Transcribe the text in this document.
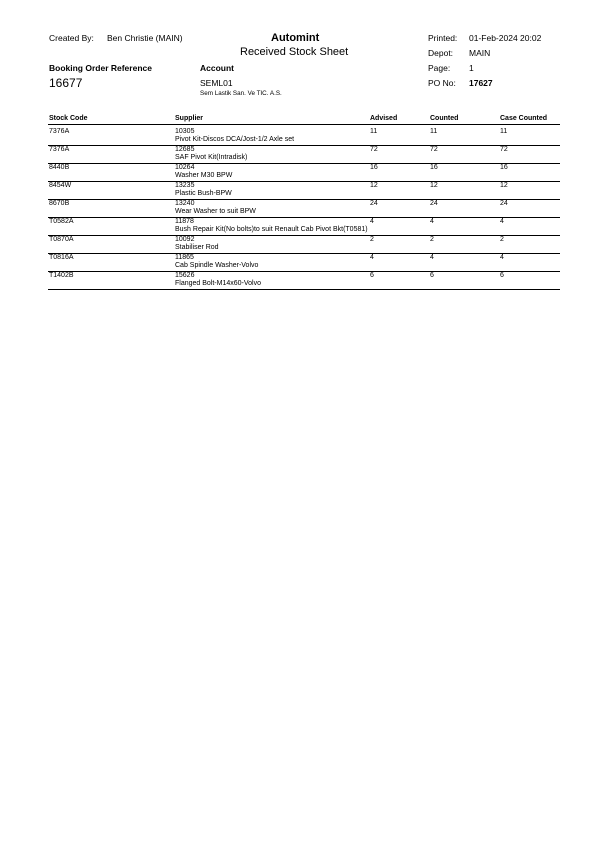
Created By: Ben Christie (MAIN)	Automint
Received Stock Sheet
Printed: 01-Feb-2024 20:02
Depot: MAIN
Page: 1
Booking Order Reference
16677
Account
SEML01
Sem Lastik San. Ve TIC. A.S.
PO No: 17627
Stock Code	Supplier	Advised	Counted	Case Counted
7376A	10305	11	11	11
Pivot Kit-Discos DCA/Jost-1/2 Axle set
7376A	12685	72	72	72
SAF Pivot Kit(Intradisk)
8440B	10264	16	16	16
Washer M30 BPW
8454W	13235	12	12	12
Plastic Bush-BPW
8670B	13240	24	24	24
Wear Washer to suit BPW
T0582A	11878	4	4	4
Bush Repair Kit(No bolts)to suit Renault Cab Pivot Bkt(T0581)
T0870A	10092	2	2	2
Stabiliser Rod
T0816A	11865	4	4	4
Cab Spindle Washer-Volvo
T1402B	15626	6	6	6
Flanged Bolt-M14x60-Volvo
